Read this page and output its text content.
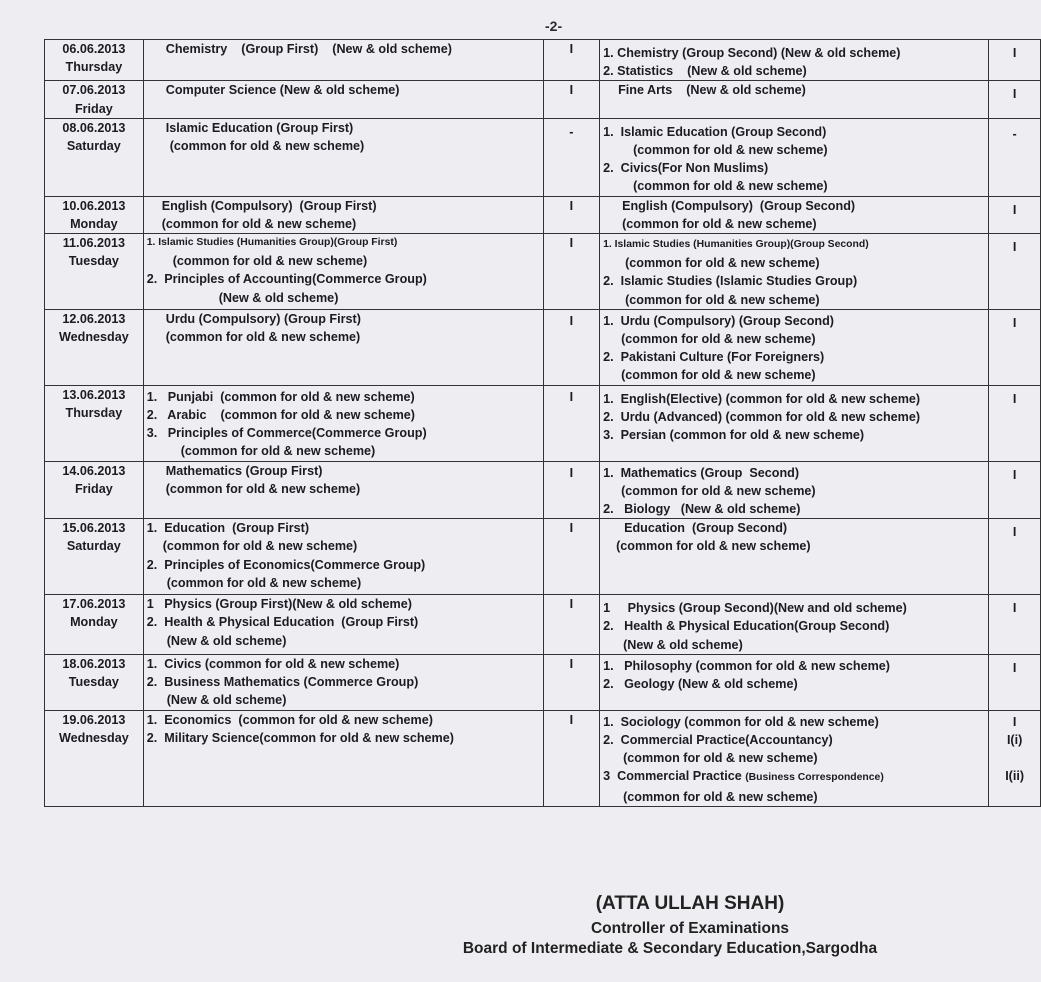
-2-
06.06.2013
Thursday	Chemistry    (Group First)    (New & old scheme)	I	1. Chemistry (Group Second) (New & old scheme)
2. Statistics    (New & old scheme)	I

07.06.2013
Friday	Computer Science (New & old scheme)	I	Fine Arts    (New & old scheme)	I

08.06.2013
Saturday	Islamic Education (Group First)
(common for old & new scheme)	-	1.  Islamic Education (Group Second)
(common for old & new scheme)
2.  Civics(For Non Muslims)
(common for old & new scheme)	-

10.06.2013
Monday	English (Compulsory)  (Group First)
(common for old & new scheme)	I	English (Compulsory)  (Group Second)
(common for old & new scheme)	I

11.06.2013
Tuesday	1. Islamic Studies (Humanities Group)(Group First)
(common for old & new scheme)
2.  Principles of Accounting(Commerce Group)
(New & old scheme)	I	1. Islamic Studies (Humanities Group)(Group Second)
(common for old & new scheme)
2.  Islamic Studies (Islamic Studies Group)
(common for old & new scheme)	I

12.06.2013
Wednesday	Urdu (Compulsory) (Group First)
(common for old & new scheme)	I	1.  Urdu (Compulsory) (Group Second)
(common for old & new scheme)
2.  Pakistani Culture (For Foreigners)
(common for old & new scheme)	I

13.06.2013
Thursday	1.   Punjabi  (common for old & new scheme)
2.   Arabic    (common for old & new scheme)
3.   Principles of Commerce(Commerce Group)
(common for old & new scheme)	I	1.  English(Elective) (common for old & new scheme)
2.  Urdu (Advanced) (common for old & new scheme)
3.  Persian (common for old & new scheme)	I

14.06.2013
Friday	Mathematics (Group First)
(common for old & new scheme)	I	1.  Mathematics (Group  Second)
(common for old & new scheme)
2.   Biology   (New & old scheme)	I

15.06.2013
Saturday	1.  Education  (Group First)
(common for old & new scheme)
2.  Principles of Economics(Commerce Group)
(common for old & new scheme)	I	Education  (Group Second)
(common for old & new scheme)	I

17.06.2013
Monday	1   Physics (Group First)(New & old scheme)
2.  Health & Physical Education  (Group First)
(New & old scheme)	I	1     Physics (Group Second)(New and old scheme)
2.   Health & Physical Education(Group Second)
(New & old scheme)	I

18.06.2013
Tuesday	1.  Civics (common for old & new scheme)
2.  Business Mathematics (Commerce Group)
(New & old scheme)	I	1.   Philosophy (common for old & new scheme)
2.   Geology (New & old scheme)	I

19.06.2013
Wednesday	1.  Economics  (common for old & new scheme)
2.  Military Science(common for old & new scheme)	I	1.  Sociology (common for old & new scheme)
2.  Commercial Practice(Accountancy)
(common for old & new scheme)
3  Commercial Practice (Business Correspondence)
(common for old & new scheme)	I
I(i)
I(ii)
(ATTA ULLAH SHAH)
Controller of Examinations
Board of Intermediate & Secondary Education,Sargodha
